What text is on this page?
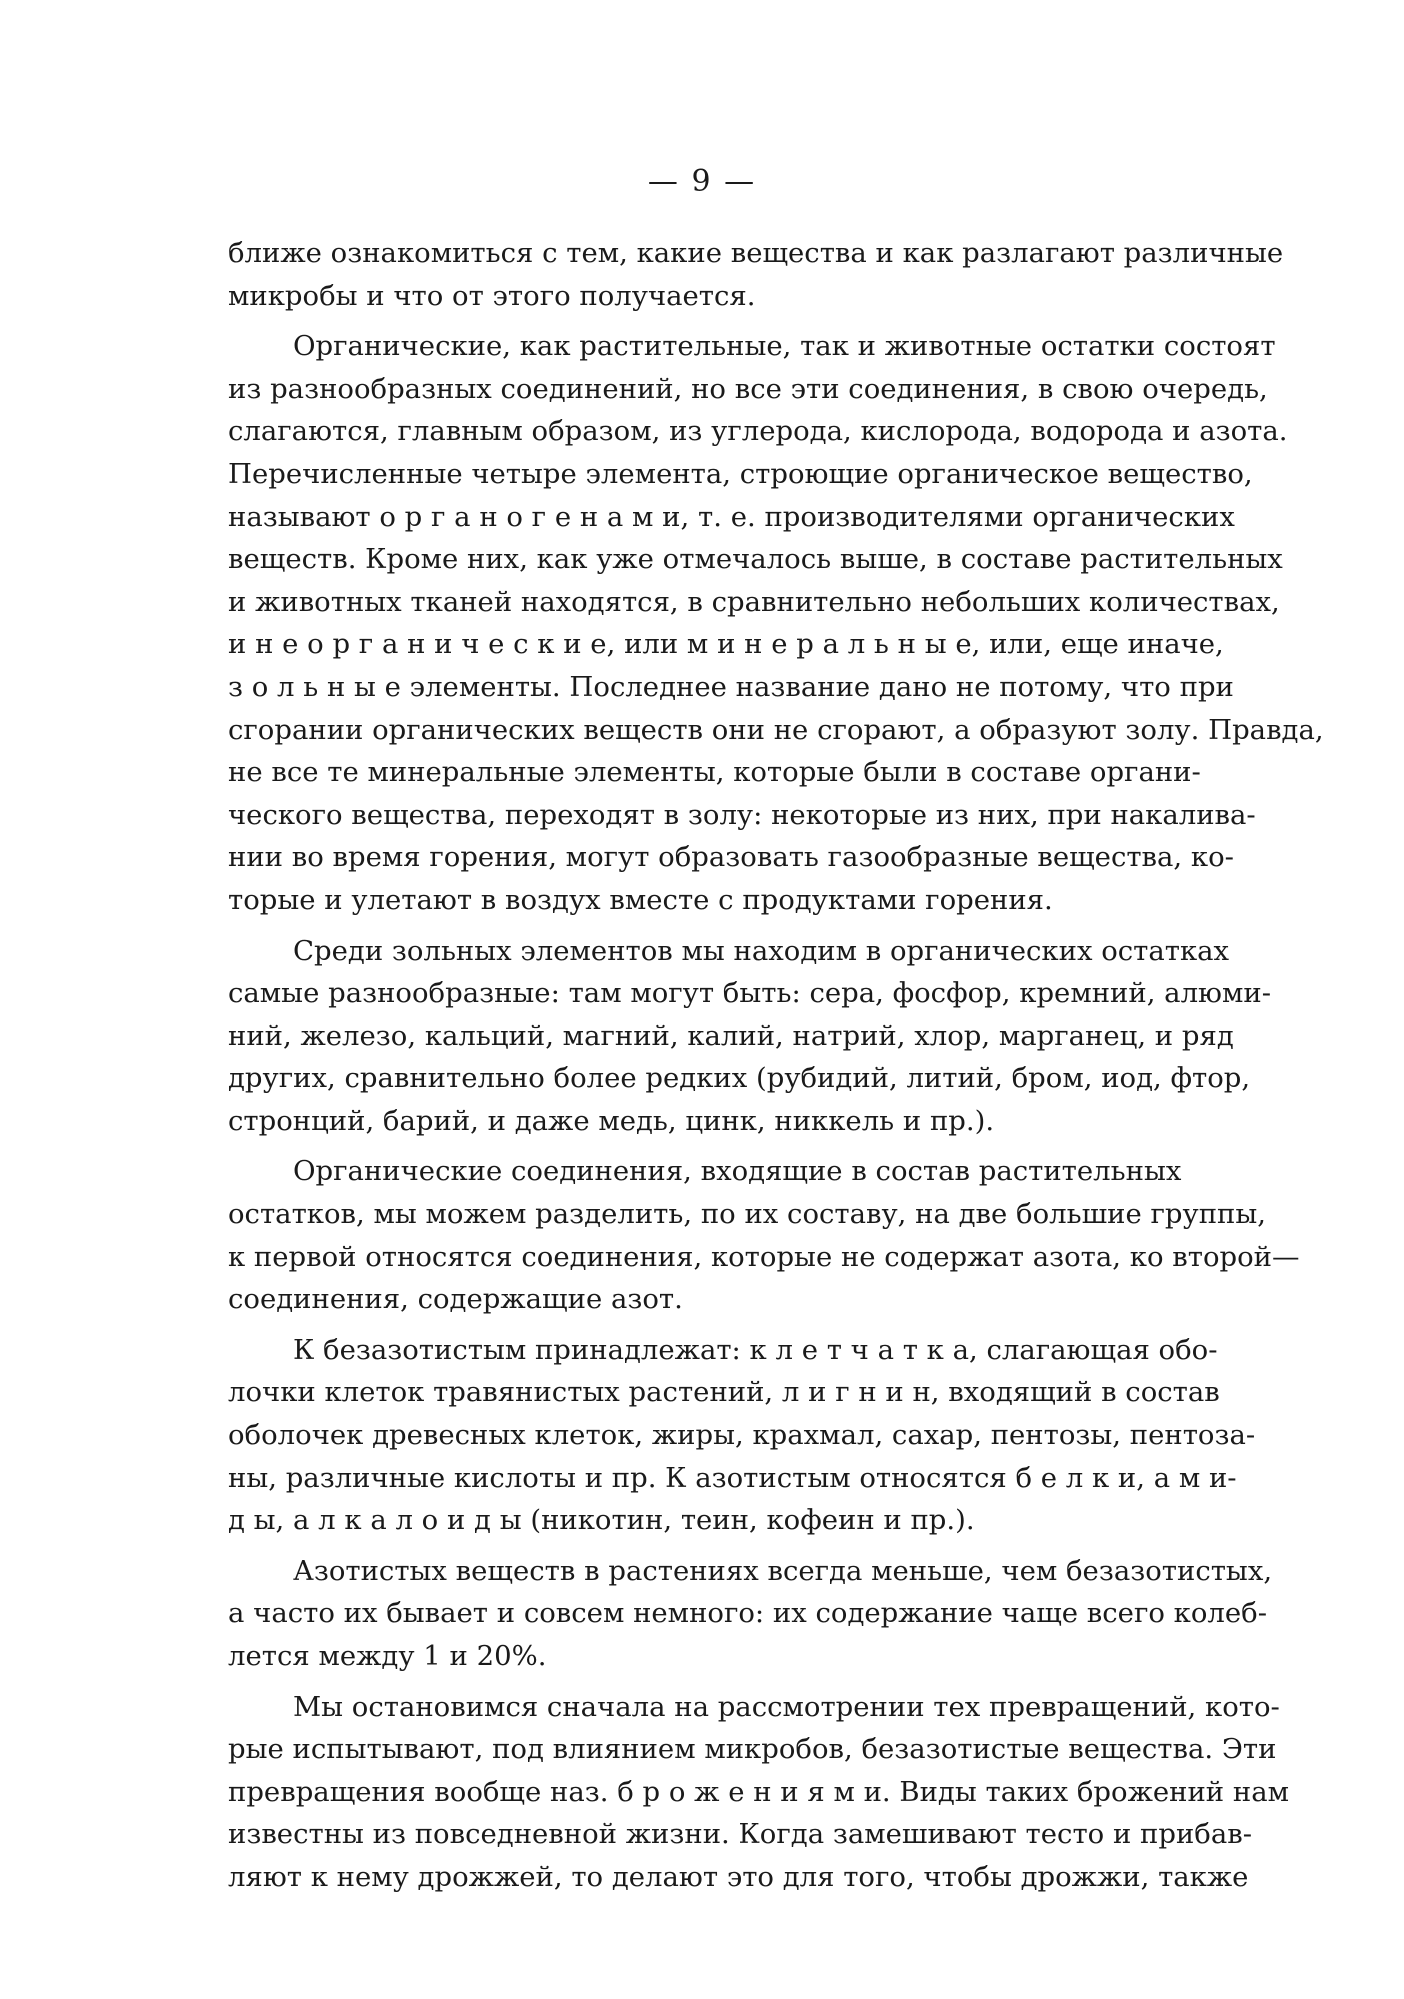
— 9 —
ближе ознакомиться с тем, какие вещества и как разлагают различные
микробы и что от этого получается.
Органические, как растительные, так и животные остатки состоят
из разнообразных соединений, но все эти соединения, в свою очередь,
слагаются, главным образом, из углерода, кислорода, водорода и азота.
Перечисленные четыре элемента, строющие органическое вещество,
называют о р г а н о г е н а м и, т. е. производителями органических
веществ. Кроме них, как уже отмечалось выше, в составе растительных
и животных тканей находятся, в сравнительно небольших количествах,
и н е о р г а н и ч е с к и е, или м и н е р а л ь н ы е, или, еще иначе,
з о л ь н ы е элементы. Последнее название дано не потому, что при
сгорании органических веществ они не сгорают, а образуют золу. Правда,
не все те минеральные элементы, которые были в составе органи-
ческого вещества, переходят в золу: некоторые из них, при накалива-
нии во время горения, могут образовать газообразные вещества, ко-
торые и улетают в воздух вместе с продуктами горения.
Среди зольных элементов мы находим в органических остатках
самые разнообразные: там могут быть: сера, фосфор, кремний, алюми-
ний, железо, кальций, магний, калий, натрий, хлор, марганец, и ряд
других, сравнительно более редких (рубидий, литий, бром, иод, фтор,
стронций, барий, и даже медь, цинк, никкель и пр.).
Органические соединения, входящие в состав растительных
остатков, мы можем разделить, по их составу, на две большие группы,
к первой относятся соединения, которые не содержат азота, ко второй—
соединения, содержащие азот.
К безазотистым принадлежат: к л е т ч а т к а, слагающая обо-
лочки клеток травянистых растений, л и г н и н, входящий в состав
оболочек древесных клеток, жиры, крахмал, сахар, пентозы, пентоза-
ны, различные кислоты и пр. К азотистым относятся б е л к и, а м и-
д ы, а л к а л о и д ы (никотин, теин, кофеин и пр.).
Азотистых веществ в растениях всегда меньше, чем безазотистых,
а часто их бывает и совсем немного: их содержание чаще всего колеб-
лется между 1 и 20%.
Мы остановимся сначала на рассмотрении тех превращений, кото-
рые испытывают, под влиянием микробов, безазотистые вещества. Эти
превращения вообще наз. б р о ж е н и я м и. Виды таких брожений нам
известны из повседневной жизни. Когда замешивают тесто и прибав-
ляют к нему дрожжей, то делают это для того, чтобы дрожжи, также
